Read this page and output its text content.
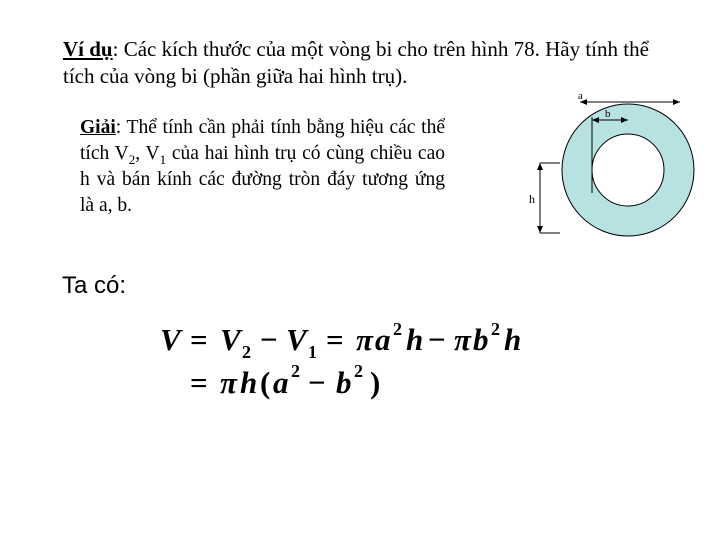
Ví dụ: Các kích thước của một vòng bi cho trên hình 78. Hãy tính thể tích của vòng bi (phần giữa hai hình trụ).
Giải: Thể tính cần phải tính bằng hiệu các thể tích $V_2$, $V_1$ của hai hình trụ có cùng chiều cao h và bán kính các đường tròn đáy tương ứng là a, b.
Ta có:
a
b
h
V = V 2 − V 1 = π a 2 h − π b 2 h
= π h ( a 2 − b 2 )
